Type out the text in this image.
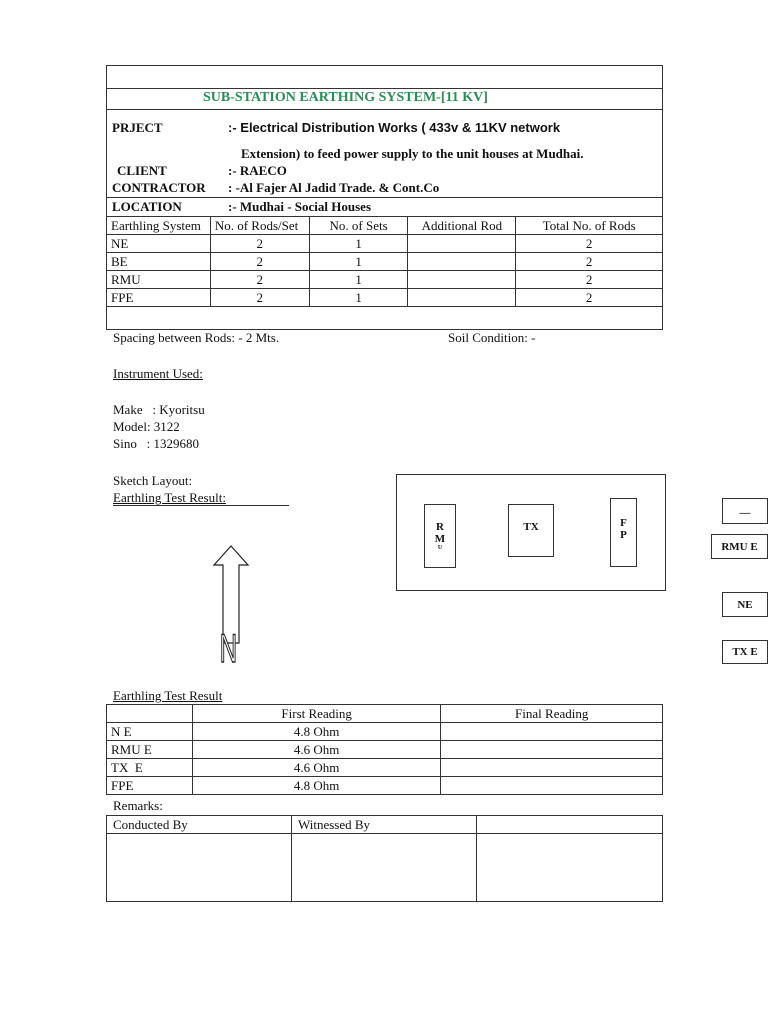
SUB-STATION EARTHING SYSTEM-[11 KV]
PRJECT	:- Electrical Distribution Works ( 433v & 11KV network
Extension) to feed power supply to the unit houses at Mudhai.
CLIENT	:- RAECO
CONTRACTOR : -Al Fajer Al Jadid Trade. & Cont.Co
LOCATION	:- Mudhai - Social Houses
Earthling System	No. of Rods/Set	No. of Sets	Additional Rod	Total No. of Rods
NE	2	1		2
BE	2	1		2
RMU	2	1		2
FPE	2	1		2
Spacing between Rods: - 2 Mts.	Soil Condition: -
Instrument Used:
Make   : Kyoritsu
Model: 3122
Sino   : 1329680
Sketch Layout:
Earthling Test Result:
R
M
U
TX	F
P
N
__
RMU E
NE
TX E
Earthling Test Result
	First Reading	Final Reading
N E	4.8 Ohm	
RMU E	4.6 Ohm	
TX  E	4.6 Ohm	
FPE	4.8 Ohm	
Remarks:
Conducted By	Witnessed By
